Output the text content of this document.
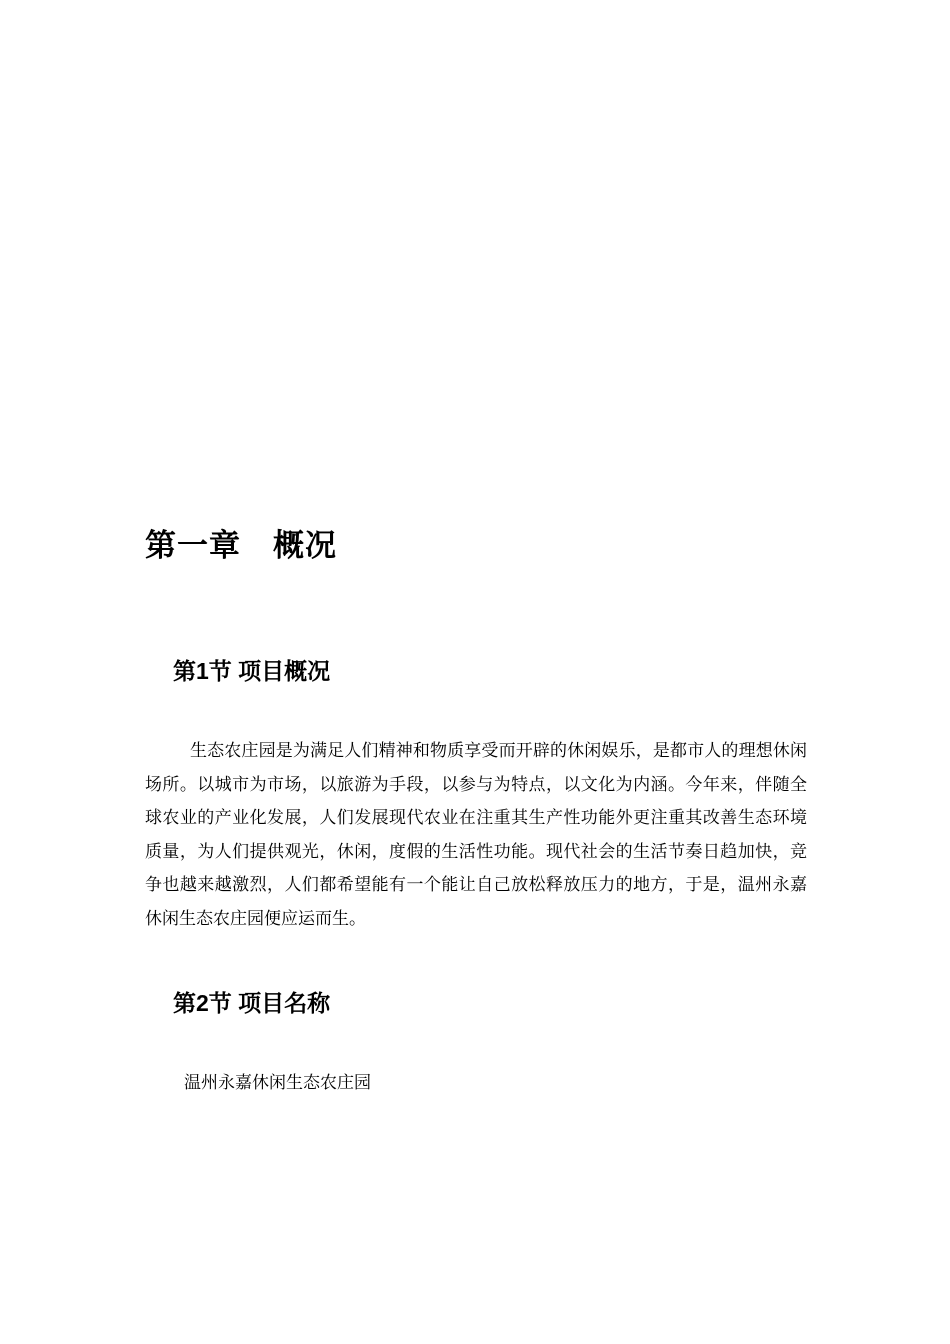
第一章　概况
第1节 项目概况

生态农庄园是为满足人们精神和物质享受而开辟的休闲娱乐，是都市人的理想休闲场所。以城市为市场，以旅游为手段，以参与为特点，以文化为内涵。今年来，伴随全球农业的产业化发展，人们发展现代农业在注重其生产性功能外更注重其改善生态环境质量，为人们提供观光，休闲，度假的生活性功能。现代社会的生活节奏日趋加快，竞争也越来越激烈，人们都希望能有一个能让自己放松释放压力的地方，于是，温州永嘉休闲生态农庄园便应运而生。

第2节 项目名称
温州永嘉休闲生态农庄园
